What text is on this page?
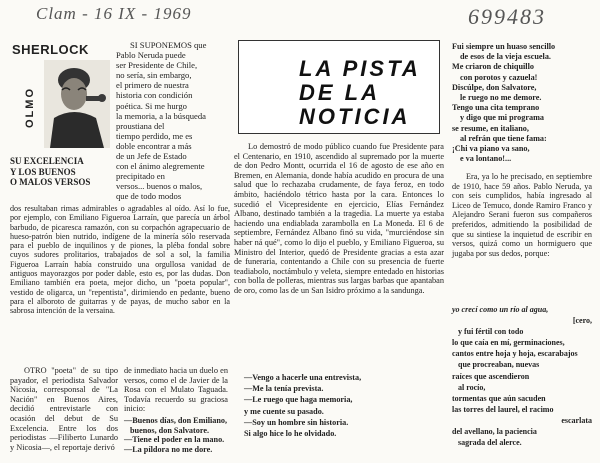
Clam - 16 IX - 1969	699483
SHERLOCK
OLMO
SU EXCELENCIA
Y LOS BUENOS
O MALOS VERSOS
SI SUPONEMOS que
Pablo Neruda puede
ser Presidente de Chile,
no sería, sin embargo,
el primero de nuestra
historia con condición
poética. Si me hurgo
la memoria, a la búsqueda
proustiana del
tiempo perdido, me es
doble encontrar a más
de un Jefe de Estado
con el ánimo alegremente
precipitado en
versos... buenos o malos,
que de todo modos
dos resultaban rimas admirables o agradables al oído. Así lo fue, por ejemplo, con Emiliano Figueroa Larraín, que parecía un árbol barbudo, de picaresca ramazón, con su corpachón agrapecuario de hueso-patrón bien nutrido, indígene de la minería sólo reservada para el pueblo de inquilinos y de piones, la pléba fondal sobre cuyos sudores prolitarios, trabajados de sol a sol, la familia Figueroa Larraín había construido una orgullosa vanidad de antiguos mayorazgos por poder dable, esto es, por las dudas. Don Emiliano también era poeta, mejor dicho, un "poeta popular", vestido de oligarca, un "repentista", dirimiendo en pedante, bueno para el alboroto de guitarras y de payas, de mucho sabor en la sabrosa intención de la versaina.
OTRO "poeta" de su tipo payador, el periodista Salvador Nicosia, corresponsal de "La Nación" en Buenos Aires, decidió entrevistarle con ocasión del debut de Su Excelencia. Entre los dos periodistas —Filiberto Lunardo y Nicosia—, el reportaje derivó
LA PISTA
DE LA
NOTICIA
Lo demostró de modo público cuando fue Presidente para el Centenario, en 1910, ascendido al supremado por la muerte de don Pedro Montt, ocurrida el 16 de agosto de ese año en Bremen, en Alemania, donde había acudido en procura de una salud que lo rechazaba crudamente, de faya feroz, en todo ámbito, haciéndolo tétrico hasta por la cara. Entonces lo sucedió el Vicepresidente en ejercicio, Elías Fernández Albano, destinado también a la tragedia. La muerte ya estaba haciendo una endiablada zarambolla en La Moneda. El 6 de septiembre, Fernández Albano finó su vida, "murciéndose sin haber ná qué", como lo dijo el pueblo, y Emiliano Figueroa, su Ministro del Interior, quedó de Presidente gracias a esta azar de funeraria, contentando a Chile con su presencia de fuerte teadiabolo, noctámbulo y veleta, siempre entedado en historias con bolla de polleras, mientras sus largas barbas que apantaban de oro, como las de un San Isidro próximo a la sandunga.
de inmediato hacia un duelo en versos, como el de Javier de la Rosa con el Mulato Taguada. Todavía recuerdo su graciosa inicio:

—Buenos días, don Emiliano,

buenos, don Salvatore.

—Tiene el poder en la mano.

—La píldora no me dore.

—Vengo a hacerle una entrevista,

—Me la tenía prevista.

—Le ruego que haga memoria,

y me cuente su pasado.

—Soy un hombre sin historia.

Si algo hice lo he olvidado.

Fui siempre un huaso sencillo

de esos de la vieja escuela.

Me criaron de chiquillo

con porotos y cazuela!

Discúlpe, don Salvatore,

le ruego no me demore.

Tengo una cita temprano

y digo que mi programa

se resume, en italiano,

al refrán que tiene fama:

¡Chi va piano va sano,

e va lontano!...

Era, ya lo he precisado, en septiembre de 1910, hace 59 años. Pablo Neruda, ya con seis cumplidos, había ingresado al Liceo de Temuco, donde Ramiro Franco y Alejandro Serani fueron sus compañeros preferidos, admitiendo la posibilidad de que su sintiese la inquietud de escribir en versos, quizá como un hormiguero que jugaba por sus dedos, porque:

yo crecí como un río al agua,

[cero,

y fui fértil con todo

lo que caía en mí, germinaciones,

cantos entre hoja y hoja, escarabajos

que procreaban, nuevas

raíces que ascendieron

al rocío,

tormentas que aún sacuden

las torres del laurel, el racimo

escarlata

del avellano, la paciencia

sagrada del alerce.
